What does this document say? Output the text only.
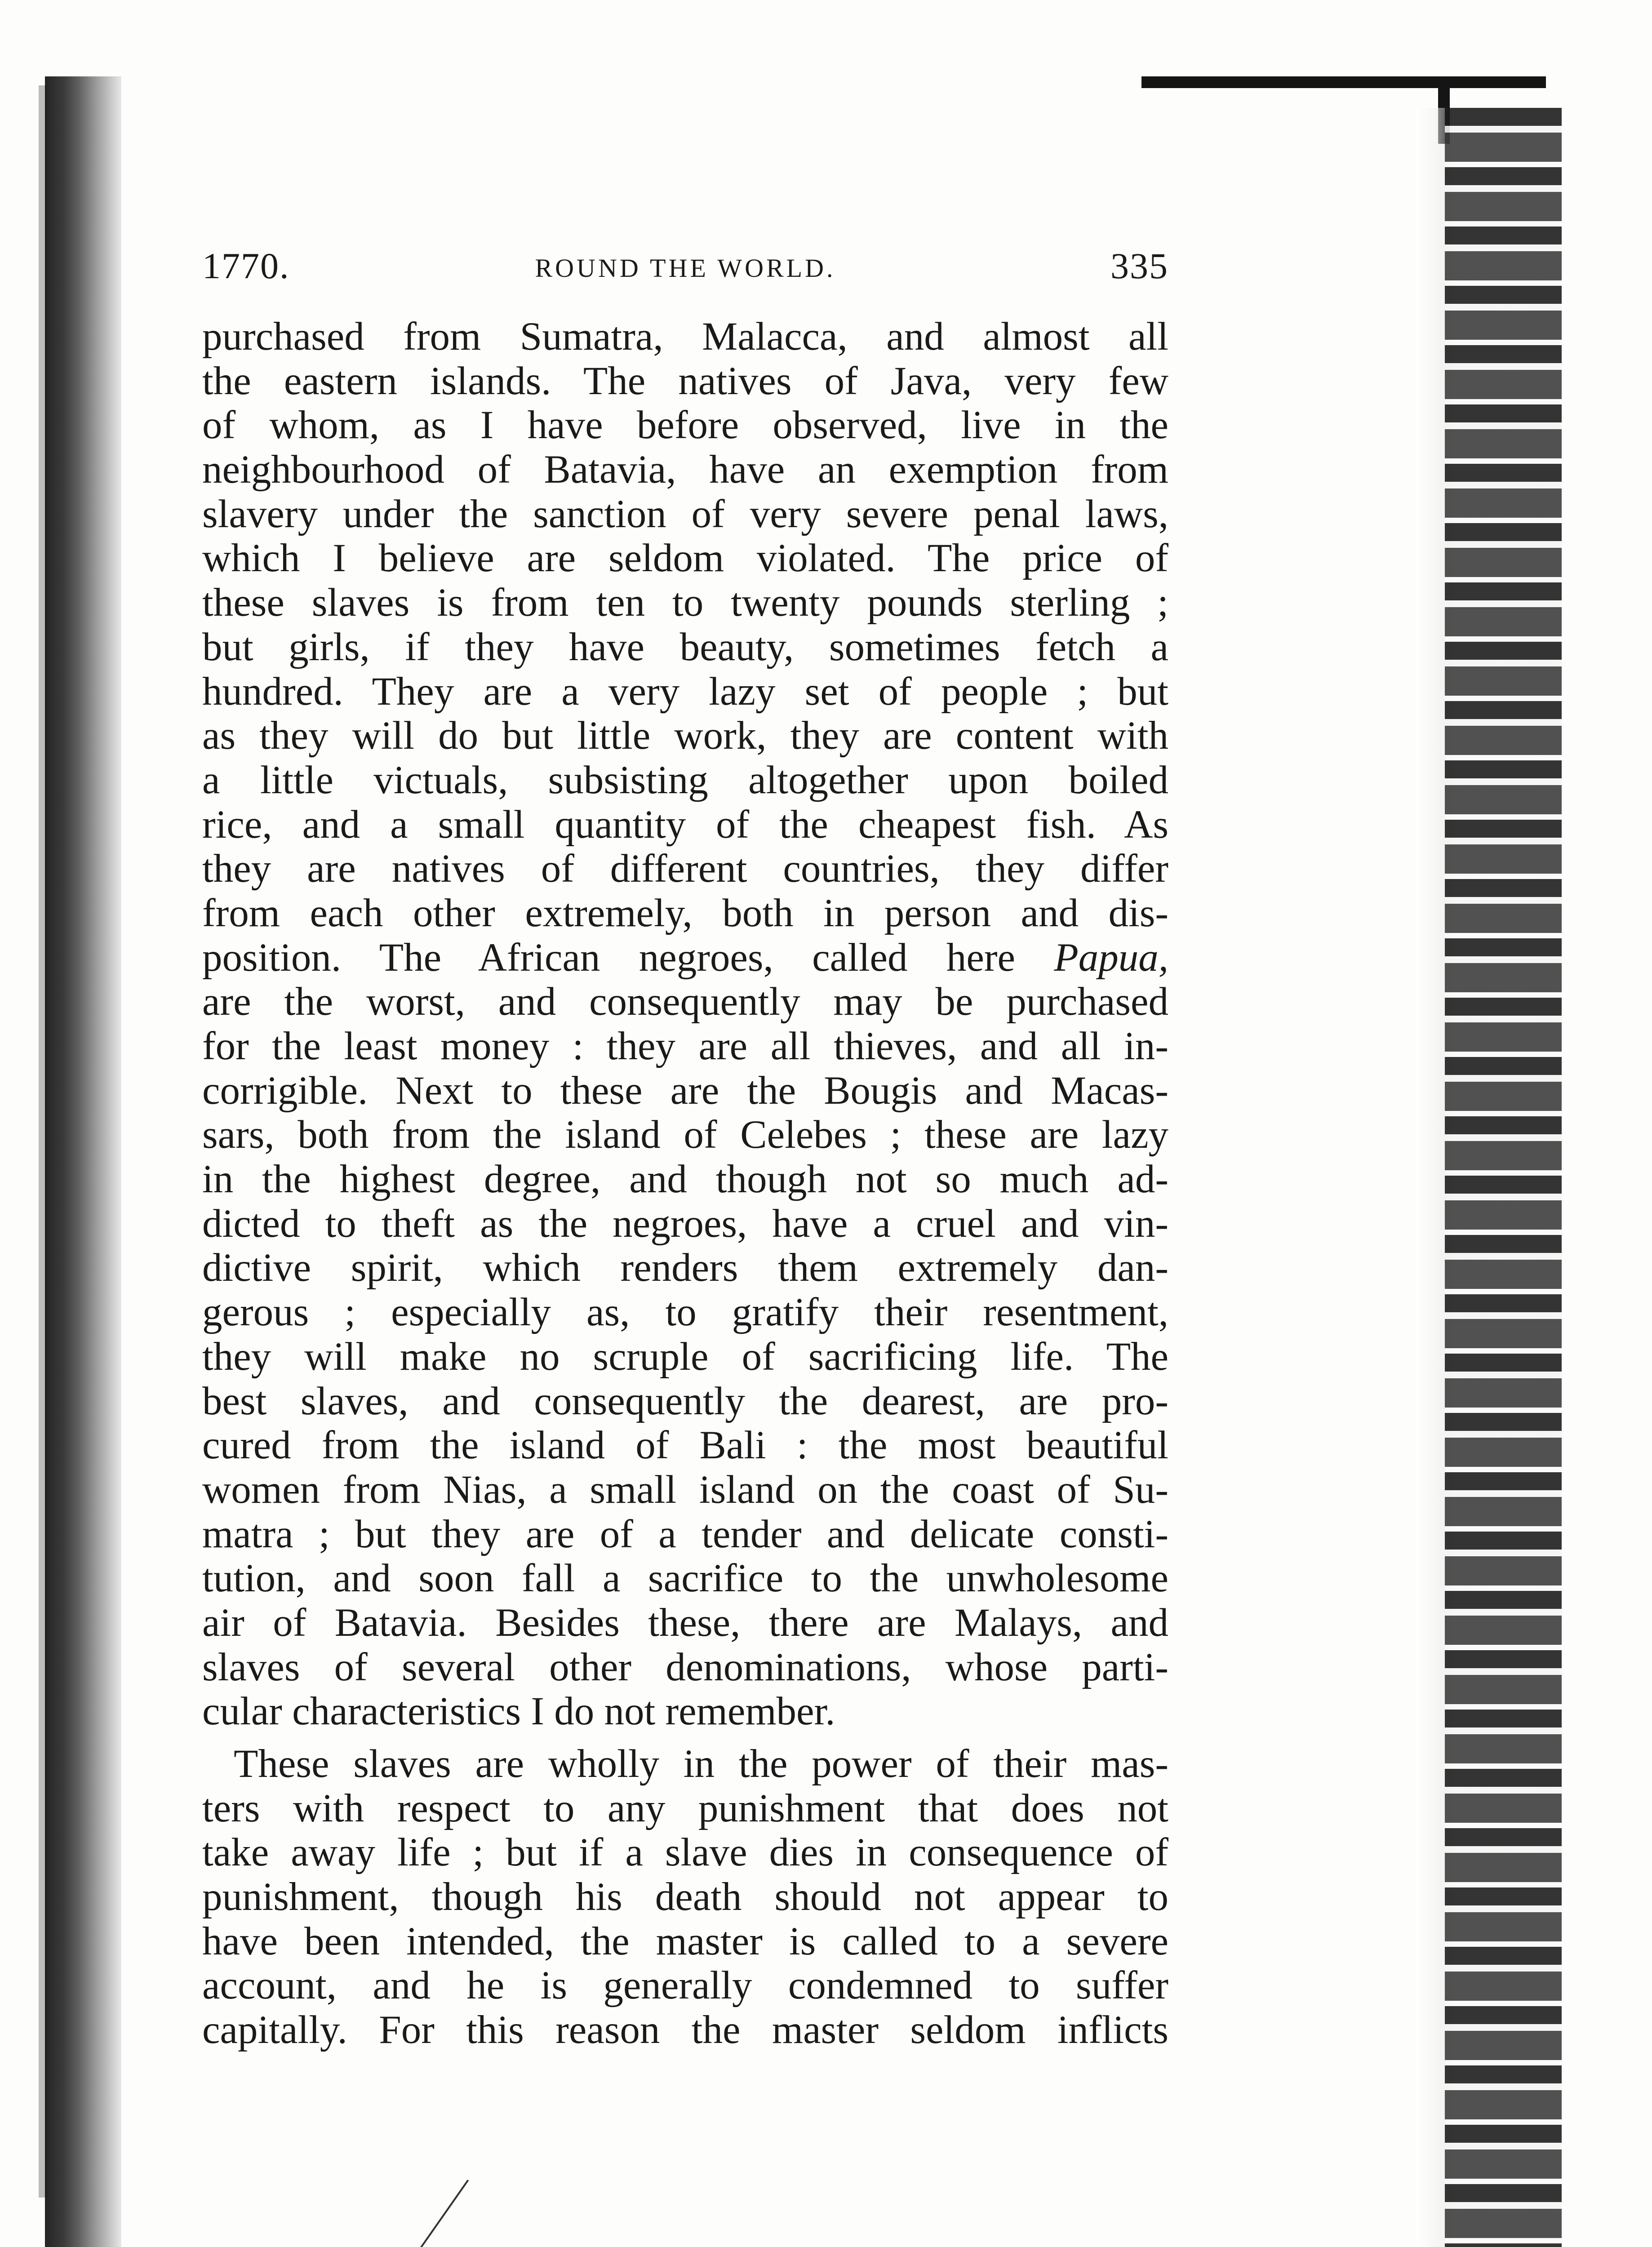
1770.	ROUND THE WORLD.	335
purchased from Sumatra, Malacca, and almost all
the eastern islands. The natives of Java, very few
of whom, as I have before observed, live in the
neighbourhood of Batavia, have an exemption from
slavery under the sanction of very severe penal laws,
which I believe are seldom violated. The price of
these slaves is from ten to twenty pounds sterling ;
but girls, if they have beauty, sometimes fetch a
hundred. They are a very lazy set of people ; but
as they will do but little work, they are content with
a little victuals, subsisting altogether upon boiled
rice, and a small quantity of the cheapest fish. As
they are natives of different countries, they differ
from each other extremely, both in person and dis-
position. The African negroes, called here Papua,
are the worst, and consequently may be purchased
for the least money : they are all thieves, and all in-
corrigible. Next to these are the Bougis and Macas-
sars, both from the island of Celebes ; these are lazy
in the highest degree, and though not so much ad-
dicted to theft as the negroes, have a cruel and vin-
dictive spirit, which renders them extremely dan-
gerous ; especially as, to gratify their resentment,
they will make no scruple of sacrificing life. The
best slaves, and consequently the dearest, are pro-
cured from the island of Bali : the most beautiful
women from Nias, a small island on the coast of Su-
matra ; but they are of a tender and delicate consti-
tution, and soon fall a sacrifice to the unwholesome
air of Batavia. Besides these, there are Malays, and
slaves of several other denominations, whose parti-
cular characteristics I do not remember.
These slaves are wholly in the power of their mas-
ters with respect to any punishment that does not
take away life ; but if a slave dies in consequence of
punishment, though his death should not appear to
have been intended, the master is called to a severe
account, and he is generally condemned to suffer
capitally. For this reason the master seldom inflicts
